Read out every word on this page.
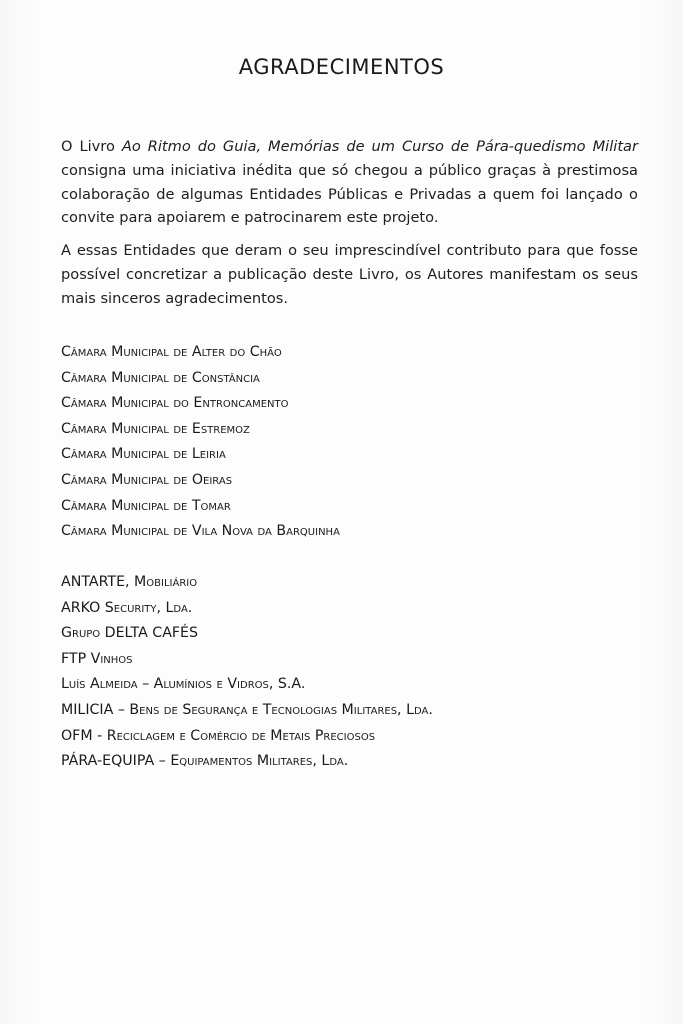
AGRADECIMENTOS

O Livro Ao Ritmo do Guia, Memórias de um Curso de Pára-quedismo Militar consigna uma iniciativa inédita que só chegou a público graças à prestimosa colaboração de algumas Entidades Públicas e Privadas a quem foi lançado o convite para apoiarem e patrocinarem este projeto.

A essas Entidades que deram o seu imprescindível contributo para que fosse possível concretizar a publicação deste Livro, os Autores manifestam os seus mais sinceros agradecimentos.

Câmara Municipal de Alter do Chão
Câmara Municipal de Constância
Câmara Municipal do Entroncamento
Câmara Municipal de Estremoz
Câmara Municipal de Leiria
Câmara Municipal de Oeiras
Câmara Municipal de Tomar
Câmara Municipal de Vila Nova da Barquinha
ANTARTE, Mobiliário
ARKO Security, Lda.
Grupo DELTA CAFÉS
FTP Vinhos
Luís Almeida – Alumínios e Vidros, S.A.
MILICIA – Bens de Segurança e Tecnologias Militares, Lda.
OFM - Reciclagem e Comércio de Metais Preciosos
PÁRA-EQUIPA – Equipamentos Militares, Lda.
